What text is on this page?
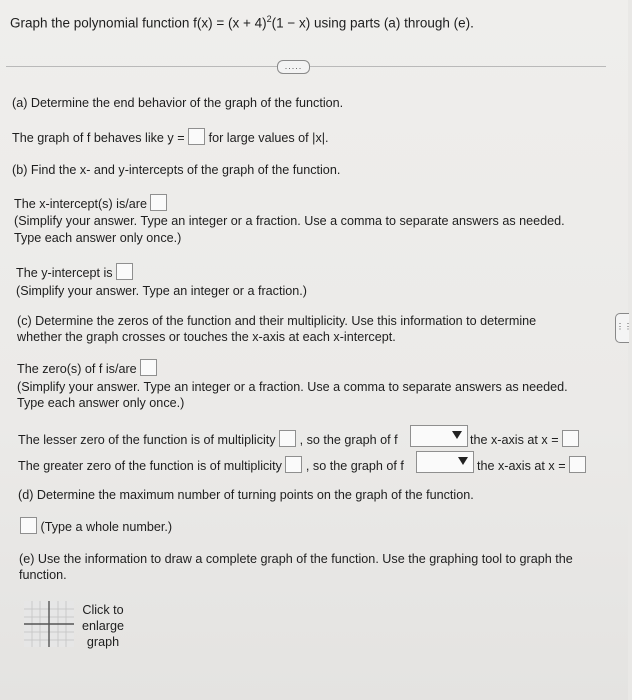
Graph the polynomial function $f(x) = (x + 4)^2(1 - x)$ using parts (a) through (e).
.....
(a) Determine the end behavior of the graph of the function.
The graph of f behaves like y = for large values of |x|.
(b) Find the x- and y-intercepts of the graph of the function.
The x-intercept(s) is/are
(Simplify your answer. Type an integer or a fraction. Use a comma to separate answers as needed.
Type each answer only once.)
The y-intercept is
(Simplify your answer. Type an integer or a fraction.)
(c) Determine the zeros of the function and their multiplicity. Use this information to determine
whether the graph crosses or touches the x-axis at each x-intercept.
The zero(s) of f is/are
(Simplify your answer. Type an integer or a fraction. Use a comma to separate answers as needed.
Type each answer only once.)
The lesser zero of the function is of multiplicity , so the graph of f	the x-axis at x =
The greater zero of the function is of multiplicity , so the graph of f	the x-axis at x =
(d) Determine the maximum number of turning points on the graph of the function.
(Type a whole number.)
(e) Use the information to draw a complete graph of the function. Use the graphing tool to graph the
function.
Click to
enlarge
graph
⋮⋮
